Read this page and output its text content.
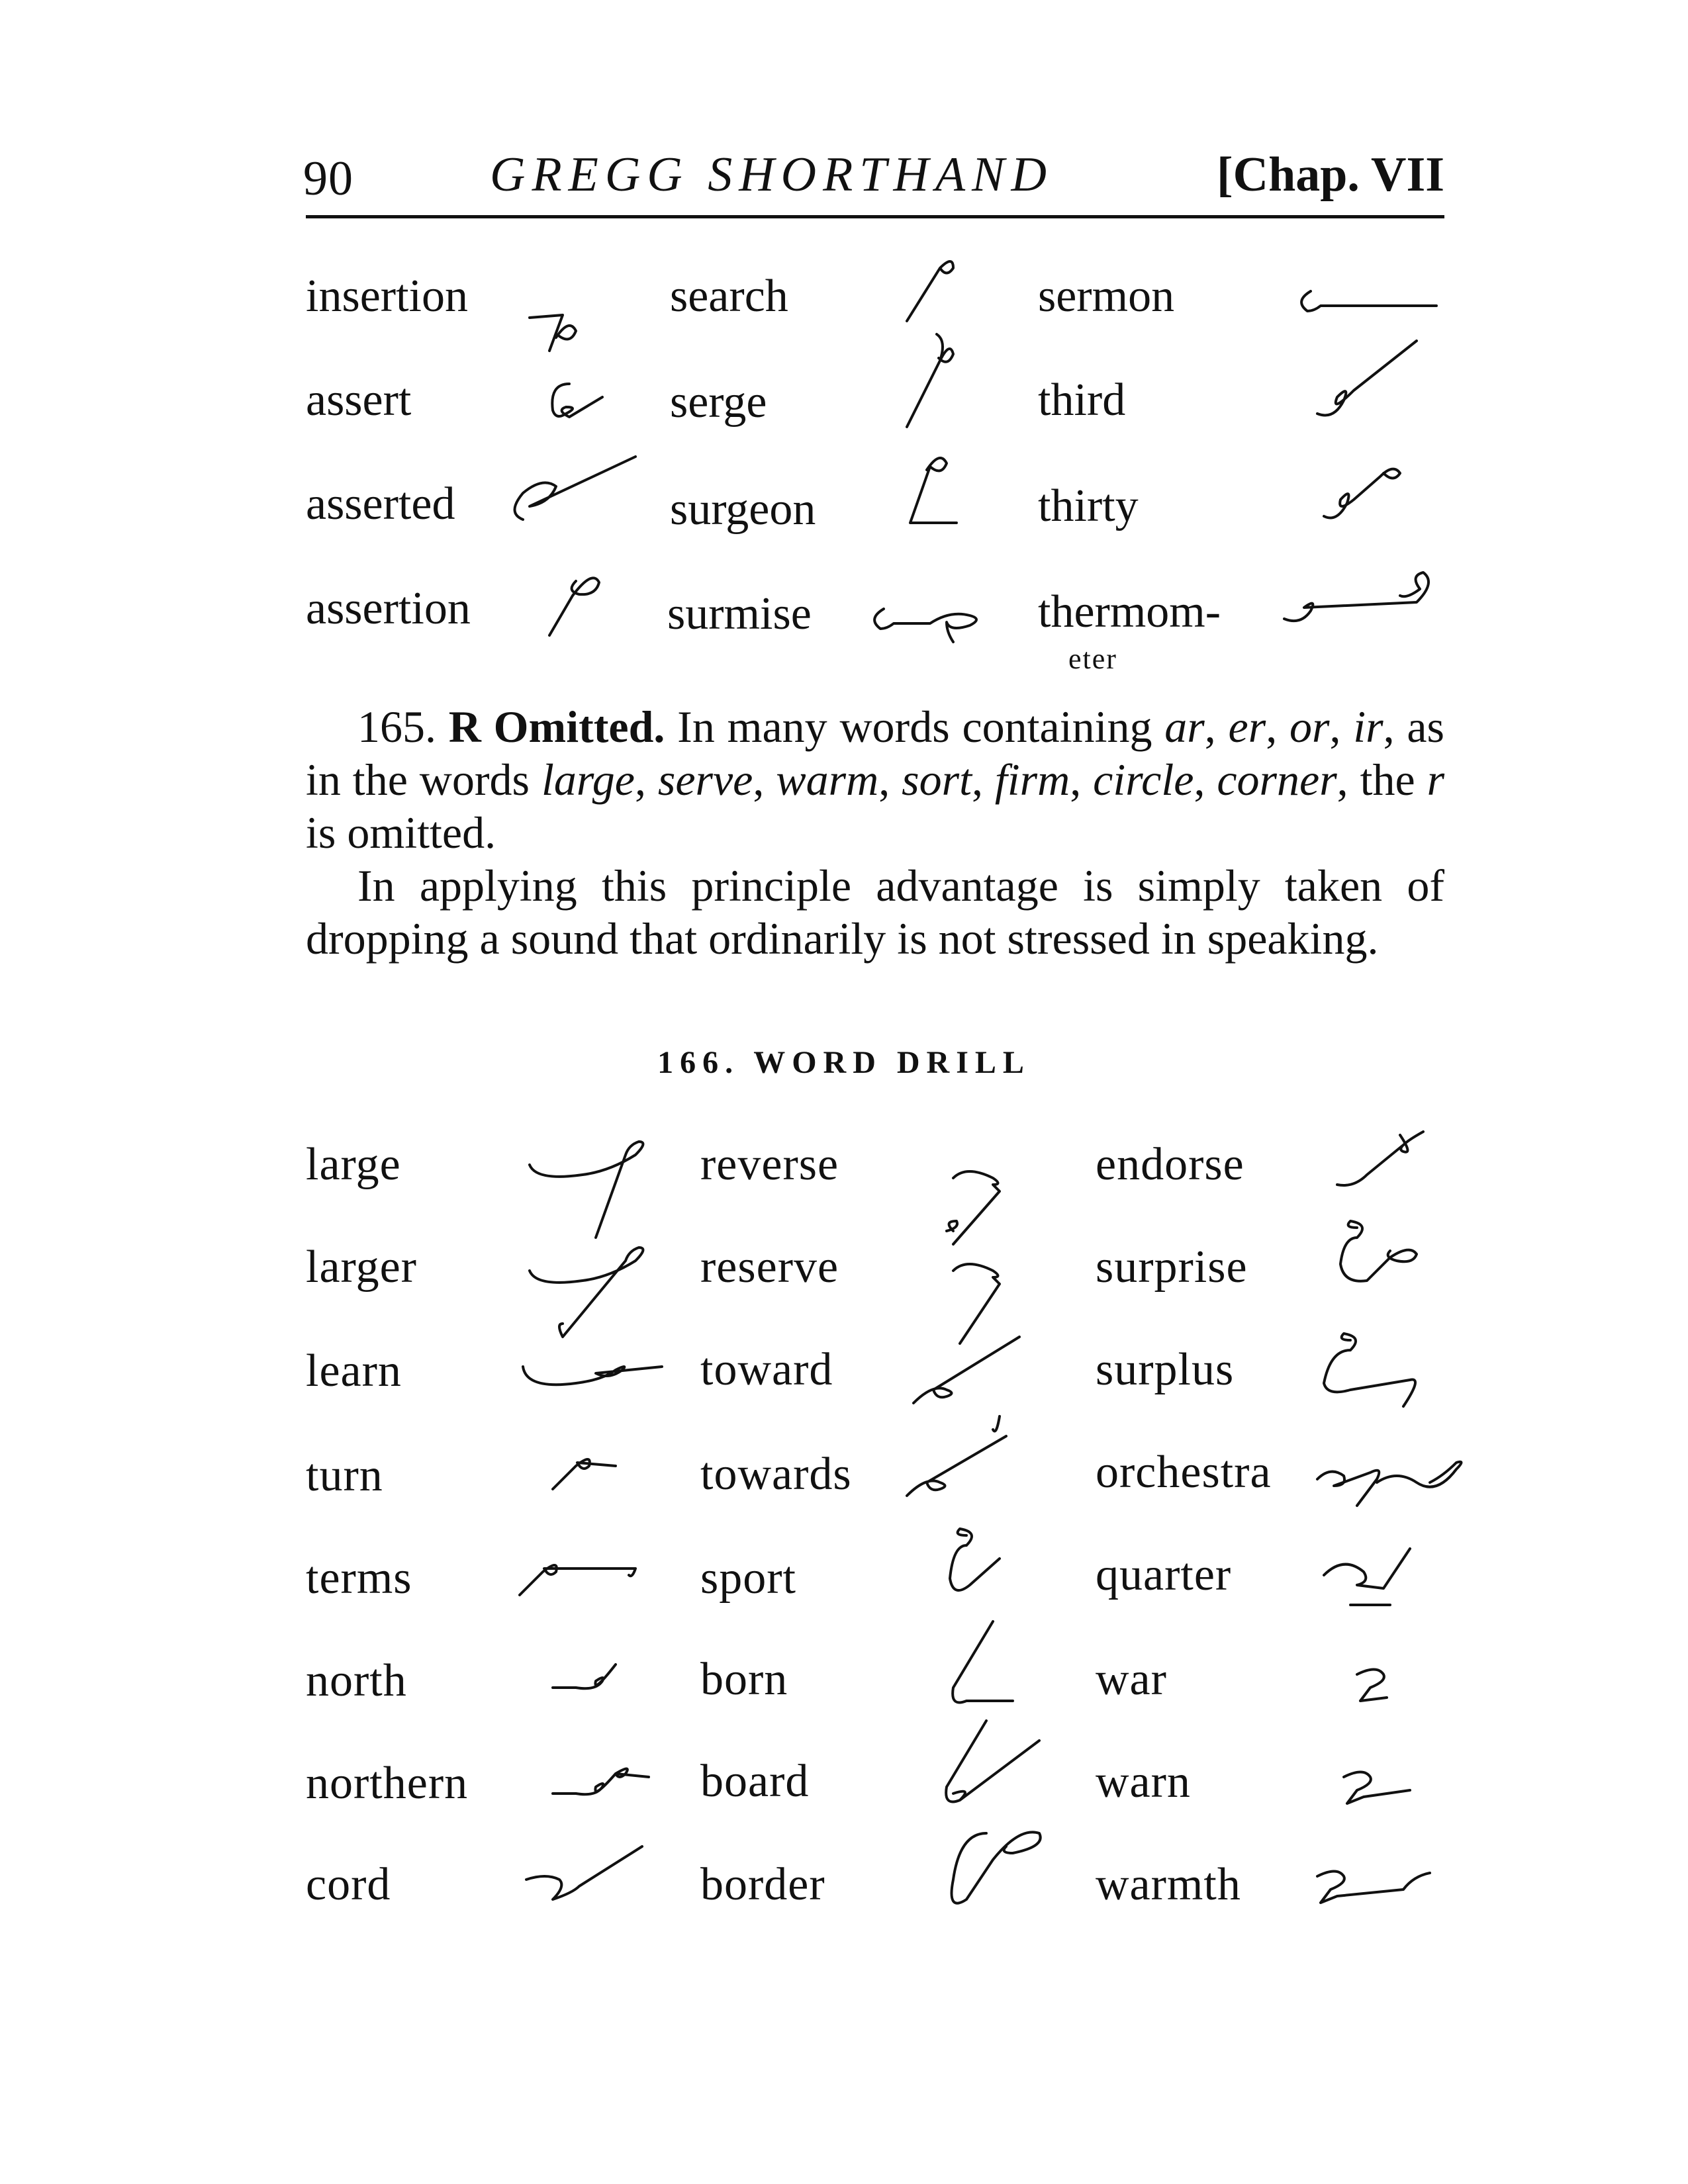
90	GREGG SHORTHAND	[Chap. VII
insertion	search	sermon
assert	serge	third
asserted	surgeon	thirty
assertion	surmise	thermom-
eter
165. R Omitted. In many words containing ar, er, or, ir, as in the words large, serve, warm, sort, firm, circle, corner, the r is omitted.
In applying this principle advantage is simply taken of dropping a sound that ordinarily is not stressed in speaking.
166. WORD DRILL
large	reverse	endorse
larger	reserve	surprise
learn	toward	surplus
turn	towards	orchestra
terms	sport	quarter
north	born	war
northern	board	warn
cord	border	warmth
